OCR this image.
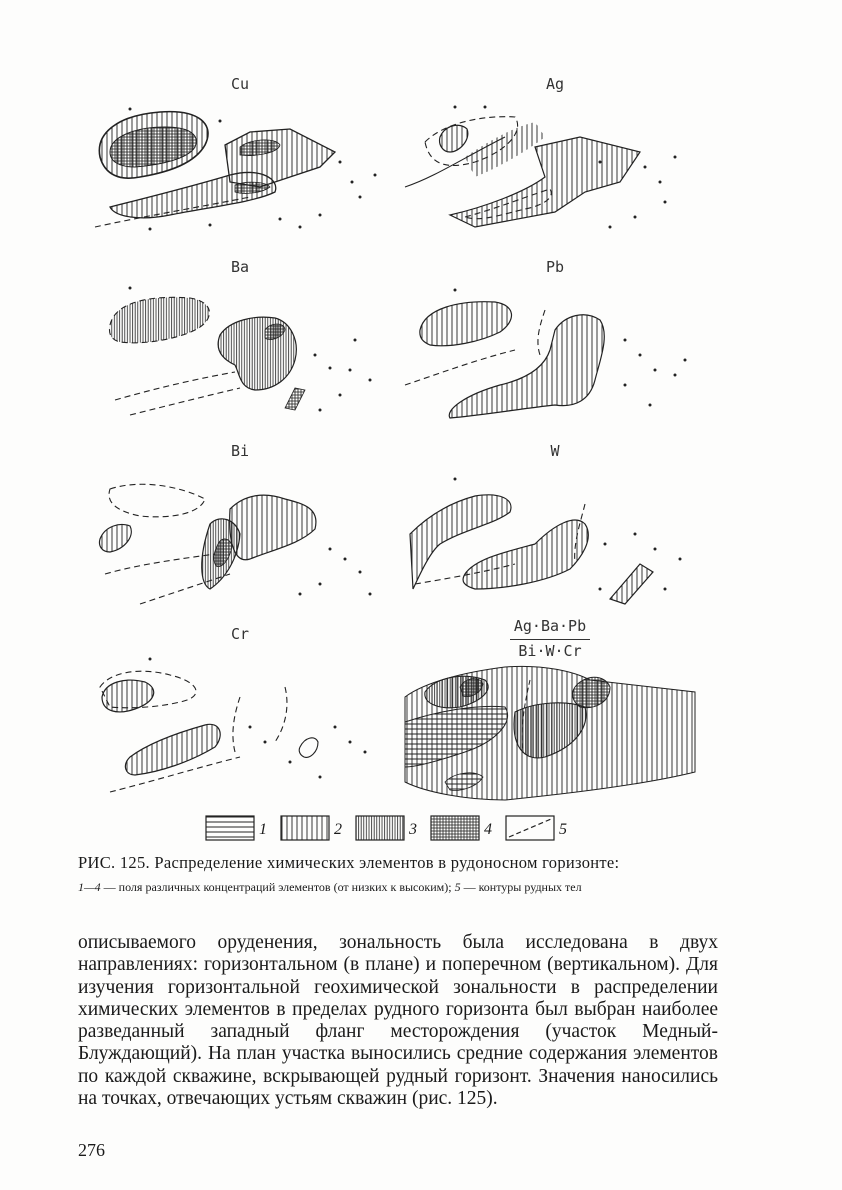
Cu	Ag
Ba	Pb
Bi	W
Cr	Ag·Ba·Pb
Bi·W·Cr
1	2	3	4	5
РИС. 125. Распределение химических элементов в рудоносном горизонте:
1—4 — поля различных концентраций элементов (от низких к высоким); 5 — контуры рудных тел

описываемого оруденения, зональность была исследована в двух направлениях: горизонтальном (в плане) и поперечном (вертикальном). Для изучения горизонтальной геохимической зональности в распределении химических элементов в пределах рудного горизонта был выбран наиболее разведанный западный фланг месторождения (участок Медный-Блуждающий). На план участка выносились средние содержания элементов по каждой скважине, вскрывающей рудный горизонт. Значения наносились на точках, отвечающих устьям скважин (рис. 125).

276
